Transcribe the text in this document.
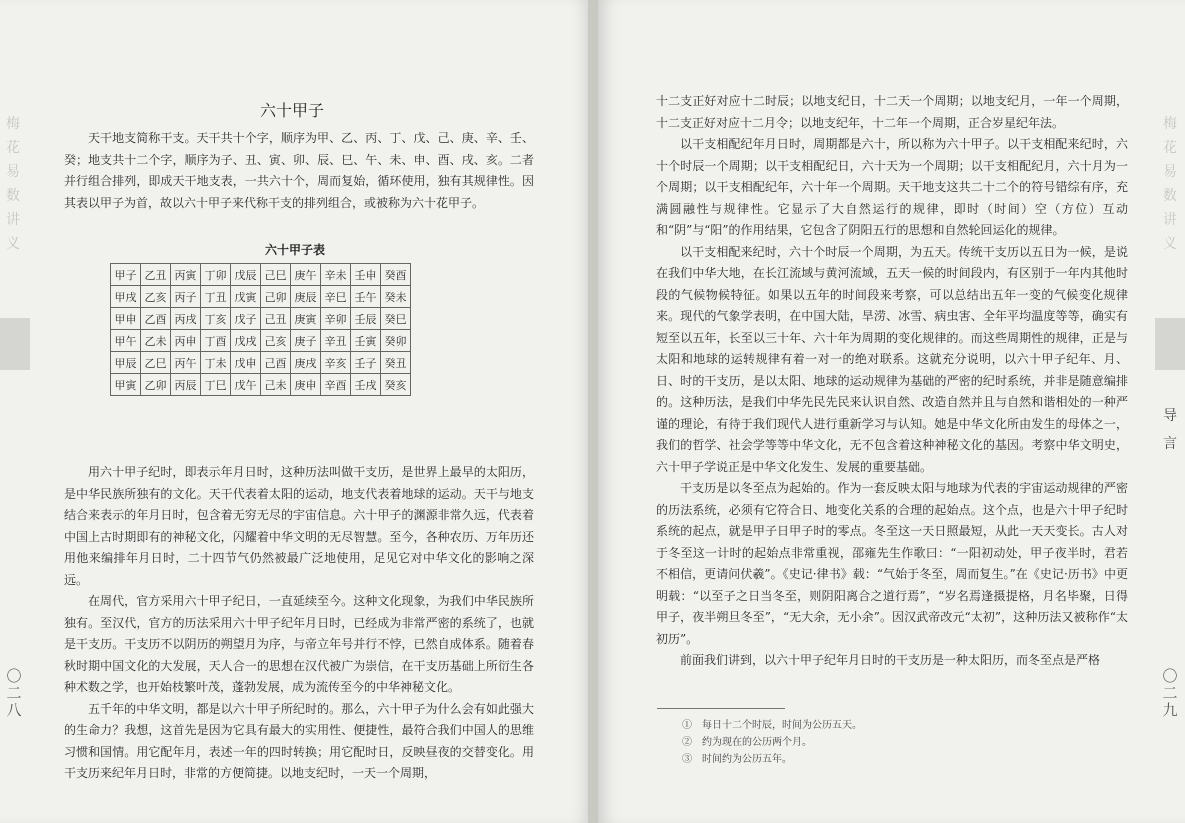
梅
花
易
数
讲
义
〇
二
八
六十甲子

天干地支简称干支。天干共十个字，顺序为甲、乙、丙、丁、戊、己、庚、辛、壬、癸；地支共十二个字，顺序为子、丑、寅、卯、辰、巳、午、未、申、酉、戌、亥。二者并行组合排列，即成天干地支表，一共六十个，周而复始，循环使用，独有其规律性。因其表以甲子为首，故以六十甲子来代称干支的排列组合，或被称为六十花甲子。

六十甲子表
甲子	乙丑	丙寅	丁卯	戊辰	己巳	庚午	辛未	壬申	癸酉
甲戌	乙亥	丙子	丁丑	戊寅	己卯	庚辰	辛巳	壬午	癸未
甲申	乙酉	丙戌	丁亥	戊子	己丑	庚寅	辛卯	壬辰	癸巳
甲午	乙未	丙申	丁酉	戊戌	己亥	庚子	辛丑	壬寅	癸卯
甲辰	乙巳	丙午	丁未	戊申	己酉	庚戌	辛亥	壬子	癸丑
甲寅	乙卯	丙辰	丁巳	戊午	己未	庚申	辛酉	壬戌	癸亥

用六十甲子纪时，即表示年月日时，这种历法叫做干支历，是世界上最早的太阳历，是中华民族所独有的文化。天干代表着太阳的运动，地支代表着地球的运动。天干与地支结合来表示的年月日时，包含着无穷无尽的宇宙信息。六十甲子的渊源非常久远，代表着中国上古时期即有的神秘文化，闪耀着中华文明的无尽智慧。至今，各种农历、万年历还用他来编排年月日时，二十四节气仍然被最广泛地使用，足见它对中华文化的影响之深远。

在周代，官方采用六十甲子纪日，一直延续至今。这种文化现象，为我们中华民族所独有。至汉代，官方的历法采用六十甲子纪年月日时，已经成为非常严密的系统了，也就是干支历。干支历不以阴历的朔望月为序，与帝立年号并行不悖，已然自成体系。随着春秋时期中国文化的大发展，天人合一的思想在汉代被广为崇信，在干支历基础上所衍生各种术数之学，也开始枝繁叶茂，蓬勃发展，成为流传至今的中华神秘文化。

五千年的中华文明，都是以六十甲子所纪时的。那么，六十甲子为什么会有如此强大的生命力？我想，这首先是因为它具有最大的实用性、便捷性，最符合我们中国人的思维习惯和国情。用它配年月，表述一年的四时转换；用它配时日，反映昼夜的交替变化。用干支历来纪年月日时，非常的方便简捷。以地支纪时，一天一个周期，

十二支正好对应十二时辰；以地支纪日，十二天一个周期；以地支纪月，一年一个周期，十二支正好对应十二月令；以地支纪年，十二年一个周期，正合岁星纪年法。

以干支相配纪年月日时，周期都是六十，所以称为六十甲子。以干支相配来纪时，六十个时辰一个周期；以干支相配纪日，六十天为一个周期；以干支相配纪月，六十月为一个周期；以干支相配纪年，六十年一个周期。天干地支这共二十二个的符号错综有序，充满圆融性与规律性。它显示了大自然运行的规律，即时（时间）空（方位）互动和“阴”与“阳”的作用结果，它包含了阴阳五行的思想和自然轮回运化的规律。

以干支相配来纪时，六十个时辰一个周期，为五天。传统干支历以五日为一候，是说在我们中华大地，在长江流域与黄河流域，五天一候的时间段内，有区别于一年内其他时段的气候物候特征。如果以五年的时间段来考察，可以总结出五年一变的气候变化规律来。现代的气象学表明，在中国大陆，旱涝、冰雪、病虫害、全年平均温度等等，确实有短至以五年，长至以三十年、六十年为周期的变化规律的。而这些周期性的规律，正是与太阳和地球的运转规律有着一对一的绝对联系。这就充分说明，以六十甲子纪年、月、日、时的干支历，是以太阳、地球的运动规律为基础的严密的纪时系统，并非是随意编排的。这种历法，是我们中华先民先民来认识自然、改造自然并且与自然和谐相处的一种严谨的理论，有待于我们现代人进行重新学习与认知。她是中华文化所由发生的母体之一，我们的哲学、社会学等等中华文化，无不包含着这种神秘文化的基因。考察中华文明史，六十甲子学说正是中华文化发生、发展的重要基础。

干支历是以冬至点为起始的。作为一套反映太阳与地球为代表的宇宙运动规律的严密的历法系统，必须有它符合日、地变化关系的合理的起始点。这个点，也是六十甲子纪时系统的起点，就是甲子日甲子时的零点。冬至这一天日照最短，从此一天天变长。古人对于冬至这一计时的起始点非常重视，邵雍先生作歌曰：“一阳初动处，甲子夜半时，君若不相信，更请问伏羲”。《史记·律书》载：“气始于冬至，周而复生。”在《史记·历书》中更明载：“以至子之日当冬至，则阴阳离合之道行焉”，“岁名焉逢摄提格，月名毕聚，日得甲子，夜半朔旦冬至”，“无大余，无小余”。因汉武帝改元“太初”，这种历法又被称作“太初历”。

前面我们讲到，以六十甲子纪年月日时的干支历是一种太阳历，而冬至点是严格

梅
花
易
数
讲
义
导
言
〇
二
九
①　每日十二个时辰，时间为公历五天。
②　约为现在的公历两个月。
③　时间约为公历五年。
